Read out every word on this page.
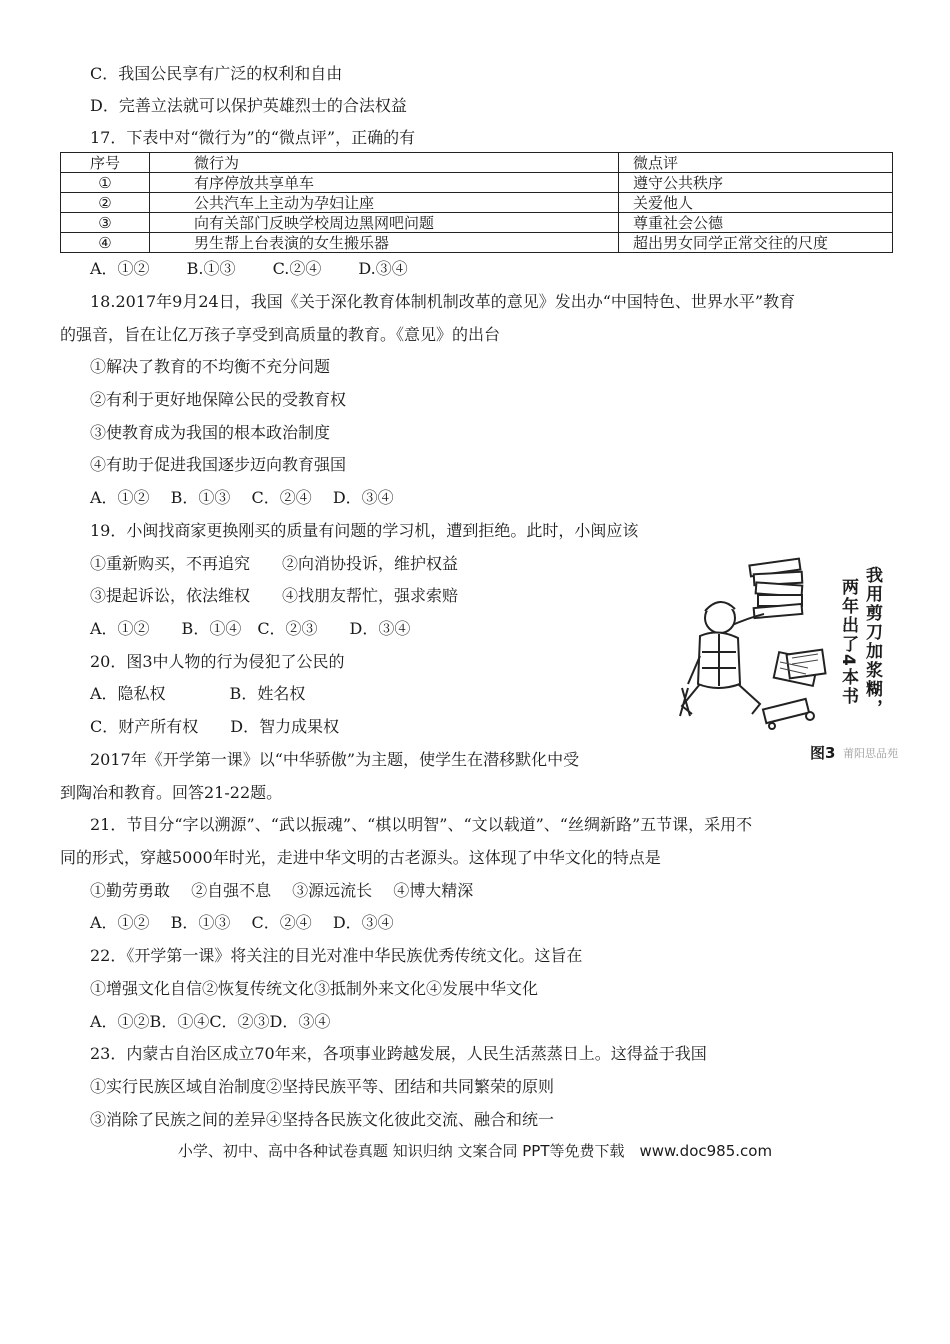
C．我国公民享有广泛的权利和自由
D．完善立法就可以保护英雄烈士的合法权益
17．下表中对“微行为”的“微点评”，正确的有
序号	微行为	微点评
①	有序停放共享单车	遵守公共秩序
②	公共汽车上主动为孕妇让座	关爱他人
③	向有关部门反映学校周边黑网吧问题	尊重社会公德
④	男生帮上台表演的女生搬乐器	超出男女同学正常交往的尺度
A．①②　　 B.①③　　 C.②④　　 D.③④
18.2017年9月24日，我国《关于深化教育体制机制改革的意见》发出办“中国特色、世界水平”教育
的强音，旨在让亿万孩子享受到高质量的教育。《意见》的出台
①解决了教育的不均衡不充分问题
②有利于更好地保障公民的受教育权
③使教育成为我国的根本政治制度
④有助于促进我国逐步迈向教育强国
A．①②　 B．①③　 C．②④　 D．③④
19．小闽找商家更换刚买的质量有问题的学习机，遭到拒绝。此时，小闽应该
①重新购买，不再追究　　②向消协投诉，维护权益
③提起诉讼，依法维权　　④找朋友帮忙，强求索赔
A．①②　　B．①④　C．②③　　D．③④
20．图3中人物的行为侵犯了公民的
A．隐私权　　　　B．姓名权
C．财产所有权　　D．智力成果权
2017年《开学第一课》以“中华骄傲”为主题，使学生在潜移默化中受
到陶冶和教育。回答21-22题。
21．节目分“字以溯源”、“武以振魂”、“棋以明智”、“文以载道”、“丝绸新路”五节课，采用不
同的形式，穿越5000年时光，走进中华文明的古老源头。这体现了中华文化的特点是
①勤劳勇敢　 ②自强不息　 ③源远流长　 ④博大精深
A．①②　 B．①③　 C．②④　 D．③④
22．《开学第一课》将关注的目光对准中华民族优秀传统文化。这旨在
①增强文化自信②恢复传统文化③抵制外来文化④发展中华文化
A．①②B．①④C．②③D．③④
23．内蒙古自治区成立70年来，各项事业跨越发展，人民生活蒸蒸日上。这得益于我国
①实行民族区域自治制度②坚持民族平等、团结和共同繁荣的原则
③消除了民族之间的差异④坚持各民族文化彼此交流、融合和统一
我用剪刀加浆糊，
两年出了4本书
图3 莆阳思品苑
小学、初中、高中各种试卷真题 知识归纳 文案合同 PPT等免费下载　www.doc985.com
